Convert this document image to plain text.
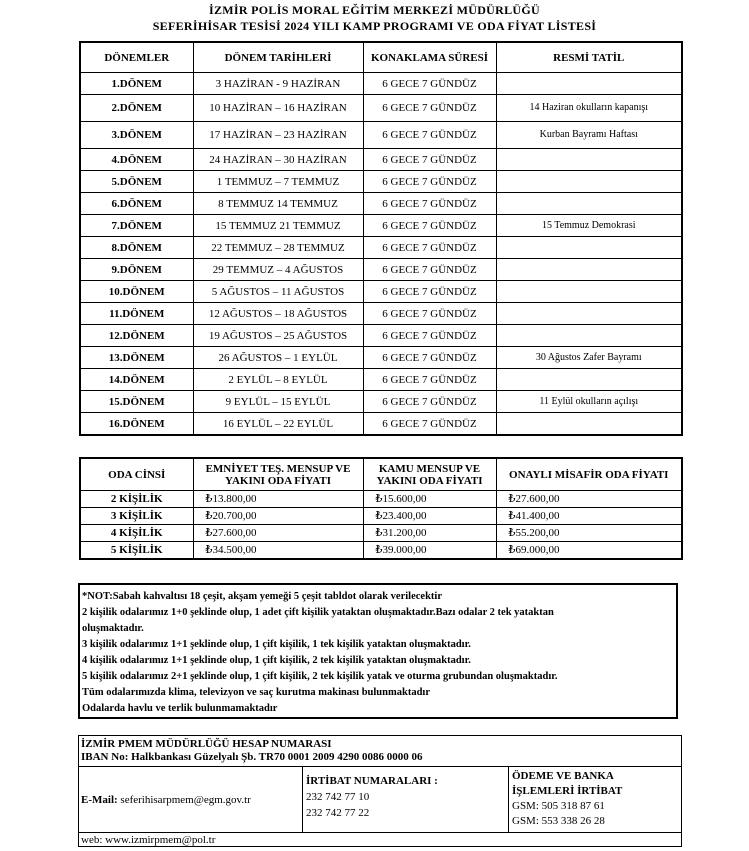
İZMİR POLİS MORAL EĞİTİM MERKEZİ MÜDÜRLÜĞÜ
SEFERİHİSAR TESİSİ 2024 YILI KAMP PROGRAMI VE ODA FİYAT LİSTESİ
DÖNEMLER	DÖNEM TARİHLERİ	KONAKLAMA SÜRESİ	RESMİ TATİL
1.DÖNEM	3 HAZİRAN - 9 HAZİRAN	6 GECE 7 GÜNDÜZ	
2.DÖNEM	10 HAZİRAN – 16 HAZİRAN	6 GECE 7 GÜNDÜZ	14 Haziran okulların kapanışı
3.DÖNEM	17 HAZİRAN – 23 HAZİRAN	6 GECE 7 GÜNDÜZ	Kurban Bayramı Haftası
4.DÖNEM	24 HAZİRAN – 30 HAZİRAN	6 GECE 7 GÜNDÜZ	
5.DÖNEM	1 TEMMUZ – 7 TEMMUZ	6 GECE 7 GÜNDÜZ	
6.DÖNEM	8 TEMMUZ 14 TEMMUZ	6 GECE 7 GÜNDÜZ	
7.DÖNEM	15 TEMMUZ 21 TEMMUZ	6 GECE 7 GÜNDÜZ	15 Temmuz Demokrasi
8.DÖNEM	22 TEMMUZ – 28 TEMMUZ	6 GECE 7 GÜNDÜZ	
9.DÖNEM	29 TEMMUZ – 4 AĞUSTOS	6 GECE 7 GÜNDÜZ	
10.DÖNEM	5 AĞUSTOS – 11 AĞUSTOS	6 GECE 7 GÜNDÜZ	
11.DÖNEM	12 AĞUSTOS – 18 AĞUSTOS	6 GECE 7 GÜNDÜZ	
12.DÖNEM	19 AĞUSTOS – 25 AĞUSTOS	6 GECE 7 GÜNDÜZ	
13.DÖNEM	26 AĞUSTOS – 1 EYLÜL	6 GECE 7 GÜNDÜZ	30 Ağustos Zafer Bayramı
14.DÖNEM	2 EYLÜL – 8 EYLÜL	6 GECE 7 GÜNDÜZ	
15.DÖNEM	9 EYLÜL – 15 EYLÜL	6 GECE 7 GÜNDÜZ	11 Eylül okulların açılışı
16.DÖNEM	16 EYLÜL – 22 EYLÜL	6 GECE 7 GÜNDÜZ	
ODA CİNSİ	EMNİYET TEŞ. MENSUP VE YAKINI ODA FİYATI	KAMU MENSUP VE YAKINI ODA FİYATI	ONAYLI MİSAFİR ODA FİYATI
2 KİŞİLİK	₺13.800,00	₺15.600,00	₺27.600,00
3 KİŞİLİK	₺20.700,00	₺23.400,00	₺41.400,00
4 KİŞİLİK	₺27.600,00	₺31.200,00	₺55.200,00
5 KİŞİLİK	₺34.500,00	₺39.000,00	₺69.000,00
*NOT:Sabah kahvaltısı 18 çeşit, akşam yemeği 5 çeşit tabldot olarak verilecektir
2 kişilik odalarımız 1+0 şeklinde olup, 1 adet çift kişilik yataktan oluşmaktadır.Bazı odalar 2 tek yataktan
oluşmaktadır.
3 kişilik odalarımız 1+1 şeklinde olup, 1 çift kişilik, 1 tek kişilik yataktan oluşmaktadır.
4 kişilik odalarımız 1+1 şeklinde olup, 1 çift kişilik, 2 tek kişilik yataktan oluşmaktadır.
5 kişilik odalarımız 2+1 şeklinde olup, 1 çift kişilik, 2 tek kişilik yatak ve oturma grubundan oluşmaktadır.
Tüm odalarımızda klima, televizyon ve saç kurutma makinası bulunmaktadır
Odalarda havlu ve terlik bulunmamaktadır
İZMİR PMEM MÜDÜRLÜĞÜ HESAP NUMARASI
IBAN No: Halkbankası Güzelyalı Şb. TR70 0001 2009 4290 0086 0000 06
E-Mail: seferihisarpmem@egm.gov.tr
İRTİBAT NUMARALARI :
232 742 77 10
232 742 77 22
ÖDEME VE BANKA
İŞLEMLERİ İRTİBAT
GSM: 505 318 87 61
GSM: 553 338 26 28
web: www.izmirpmem@pol.tr
